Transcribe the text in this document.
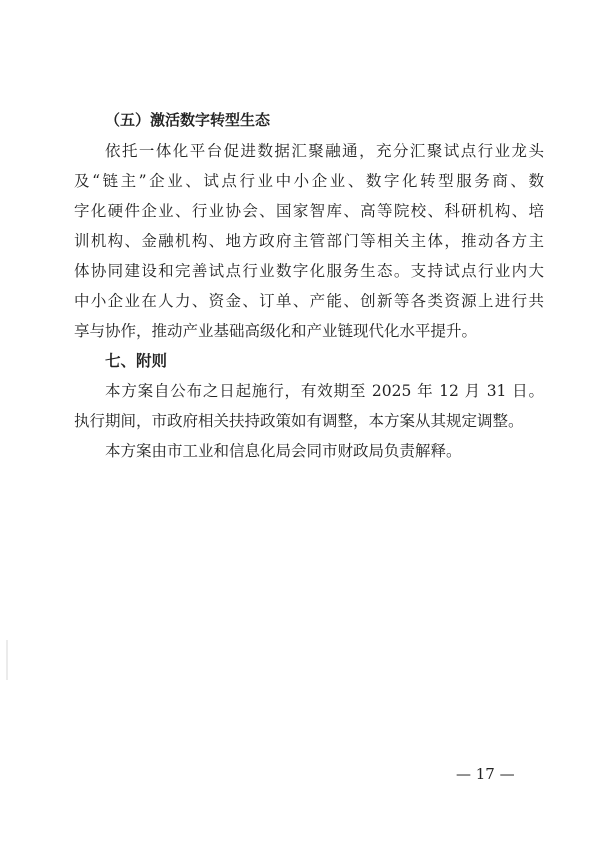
（五）激活数字转型生态
依托一体化平台促进数据汇聚融通，充分汇聚试点行业龙头
及“链主”企业、试点行业中小企业、数字化转型服务商、数
字化硬件企业、行业协会、国家智库、高等院校、科研机构、培
训机构、金融机构、地方政府主管部门等相关主体，推动各方主
体协同建设和完善试点行业数字化服务生态。支持试点行业内大
中小企业在人力、资金、订单、产能、创新等各类资源上进行共
享与协作，推动产业基础高级化和产业链现代化水平提升。
七、附则
本方案自公布之日起施行，有效期至 2025 年 12 月 31 日。
执行期间，市政府相关扶持政策如有调整，本方案从其规定调整。
本方案由市工业和信息化局会同市财政局负责解释。
— 17 —
